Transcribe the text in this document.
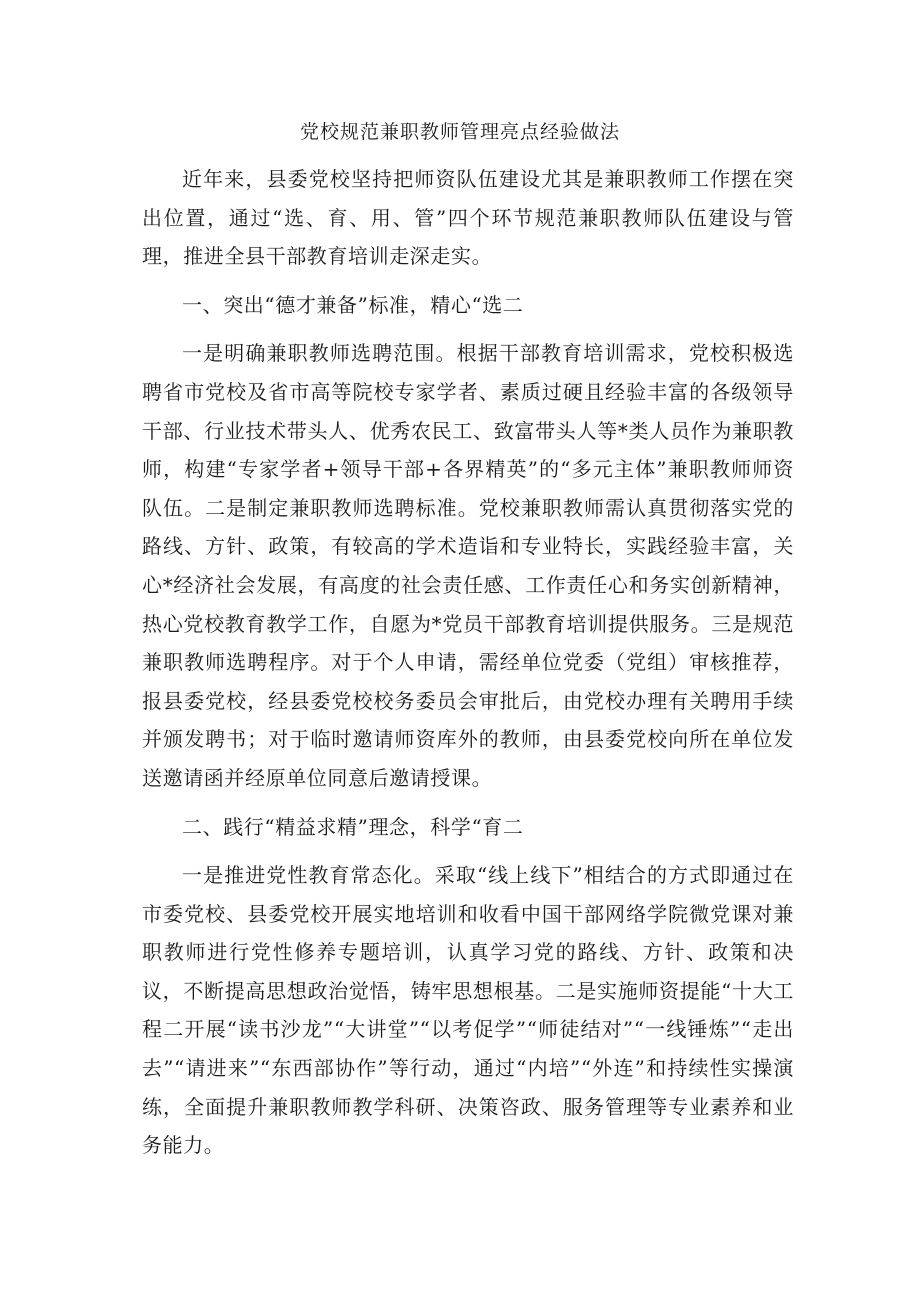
党校规范兼职教师管理亮点经验做法

近年来，县委党校坚持把师资队伍建设尤其是兼职教师工作摆在突出位置，通过“选、育、用、管”四个环节规范兼职教师队伍建设与管理，推进全县干部教育培训走深走实。

一、突出“德才兼备”标准，精心“选二

一是明确兼职教师选聘范围。根据干部教育培训需求，党校积极选聘省市党校及省市高等院校专家学者、素质过硬且经验丰富的各级领导干部、行业技术带头人、优秀农民工、致富带头人等*类人员作为兼职教师，构建“专家学者+领导干部+各界精英”的“多元主体”兼职教师师资队伍。二是制定兼职教师选聘标准。党校兼职教师需认真贯彻落实党的路线、方针、政策，有较高的学术造诣和专业特长，实践经验丰富，关心*经济社会发展，有高度的社会责任感、工作责任心和务实创新精神，热心党校教育教学工作，自愿为*党员干部教育培训提供服务。三是规范兼职教师选聘程序。对于个人申请，需经单位党委（党组）审核推荐，报县委党校，经县委党校校务委员会审批后，由党校办理有关聘用手续并颁发聘书；对于临时邀请师资库外的教师，由县委党校向所在单位发送邀请函并经原单位同意后邀请授课。

二、践行“精益求精”理念，科学“育二

一是推进党性教育常态化。采取“线上线下”相结合的方式即通过在市委党校、县委党校开展实地培训和收看中国干部网络学院微党课对兼职教师进行党性修养专题培训，认真学习党的路线、方针、政策和决议，不断提高思想政治觉悟，铸牢思想根基。二是实施师资提能“十大工程二开展“读书沙龙”“大讲堂”“以考促学”“师徒结对”“一线锤炼”“走出去”“请进来”“东西部协作”等行动，通过“内培”“外连”和持续性实操演练，全面提升兼职教师教学科研、决策咨政、服务管理等专业素养和业务能力。
